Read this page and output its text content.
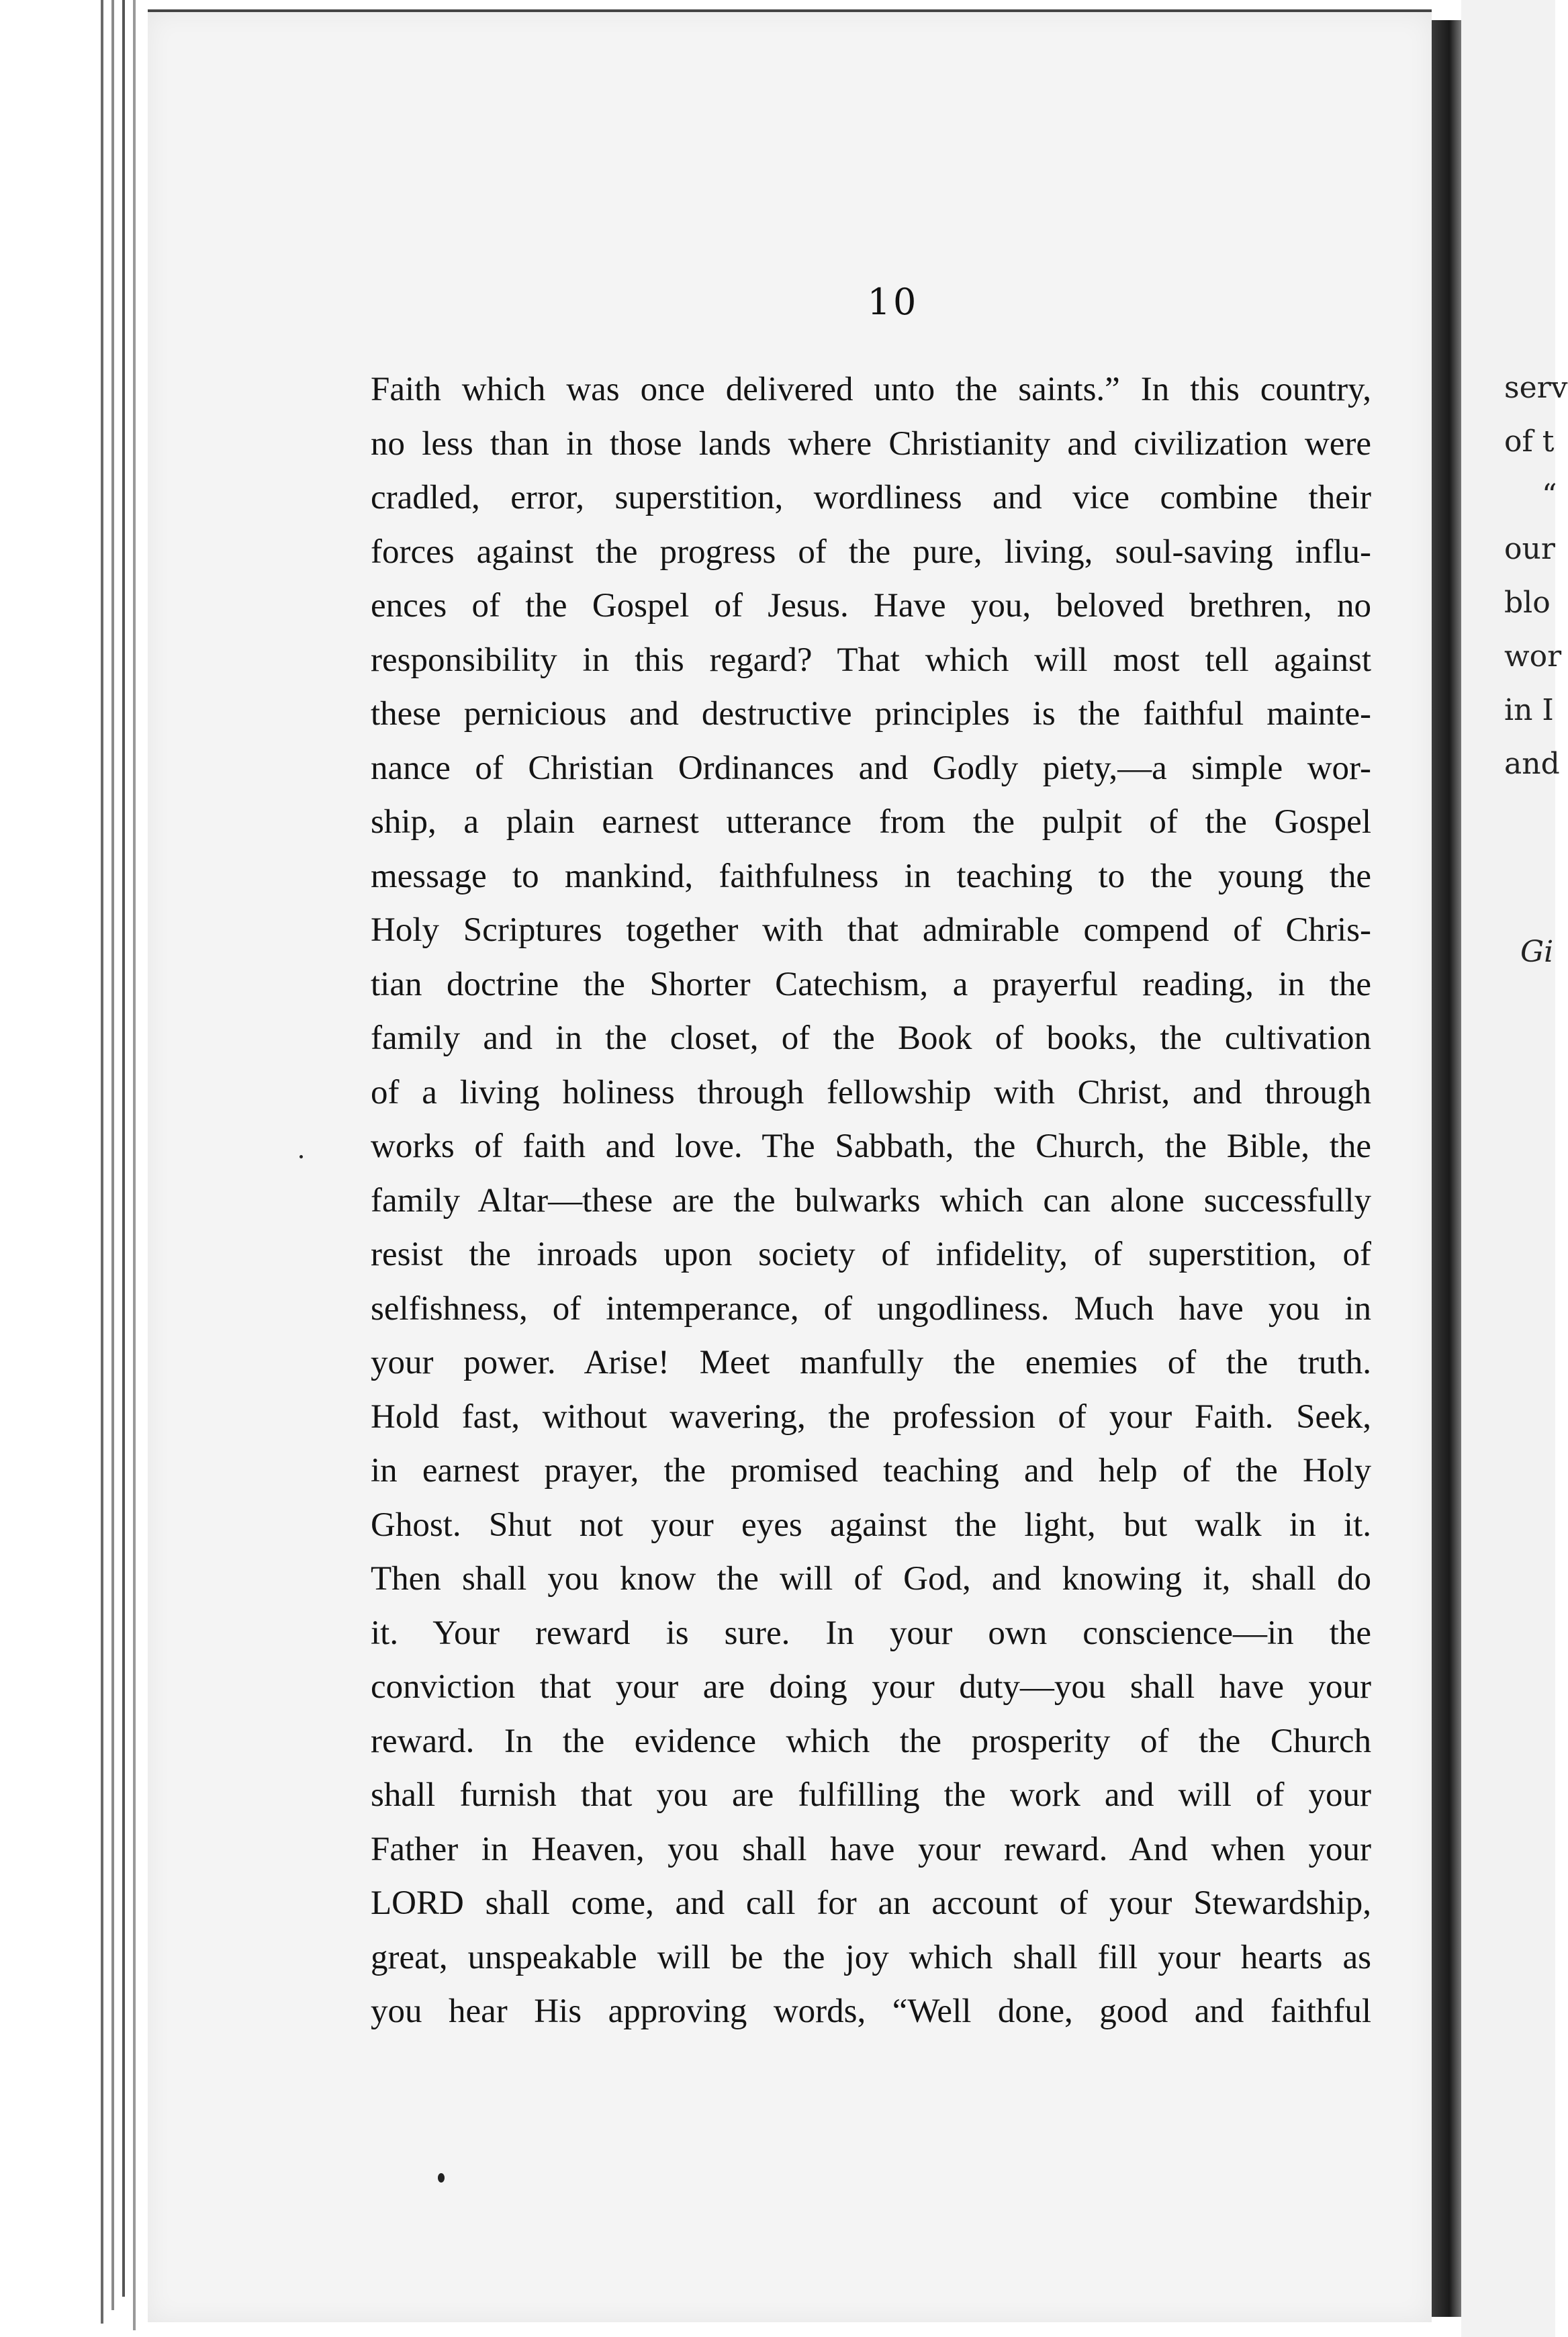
10
Faith which was once delivered unto the saints.” In this country,
no less than in those lands where Christianity and civilization were
cradled, error, superstition, wordliness and vice combine their
forces against the progress of the pure, living, soul-saving influ-
ences of the Gospel of Jesus. Have you, beloved brethren, no
responsibility in this regard? That which will most tell against
these pernicious and destructive principles is the faithful mainte-
nance of Christian Ordinances and Godly piety,—a simple wor-
ship, a plain earnest utterance from the pulpit of the Gospel
message to mankind, faithfulness in teaching to the young the
Holy Scriptures together with that admirable compend of Chris-
tian doctrine the Shorter Catechism, a prayerful reading, in the
family and in the closet, of the Book of books, the cultivation
of a living holiness through fellowship with Christ, and through
works of faith and love. The Sabbath, the Church, the Bible, the
family Altar—these are the bulwarks which can alone successfully
resist the inroads upon society of infidelity, of superstition, of
selfishness, of intemperance, of ungodliness. Much have you in
your power. Arise! Meet manfully the enemies of the truth.
Hold fast, without wavering, the profession of your Faith. Seek,
in earnest prayer, the promised teaching and help of the Holy
Ghost. Shut not your eyes against the light, but walk in it.
Then shall you know the will of God, and knowing it, shall do
it. Your reward is sure. In your own conscience—in the
conviction that your are doing your duty—you shall have your
reward. In the evidence which the prosperity of the Church
shall furnish that you are fulfilling the work and will of your
Father in Heaven, you shall have your reward. And when your
LORD shall come, and call for an account of your Stewardship,
great, unspeakable will be the joy which shall fill your hearts as
you hear His approving words, “Well done, good and faithful
serv
of t
“
our
blo
wor
in I
and
Gi
